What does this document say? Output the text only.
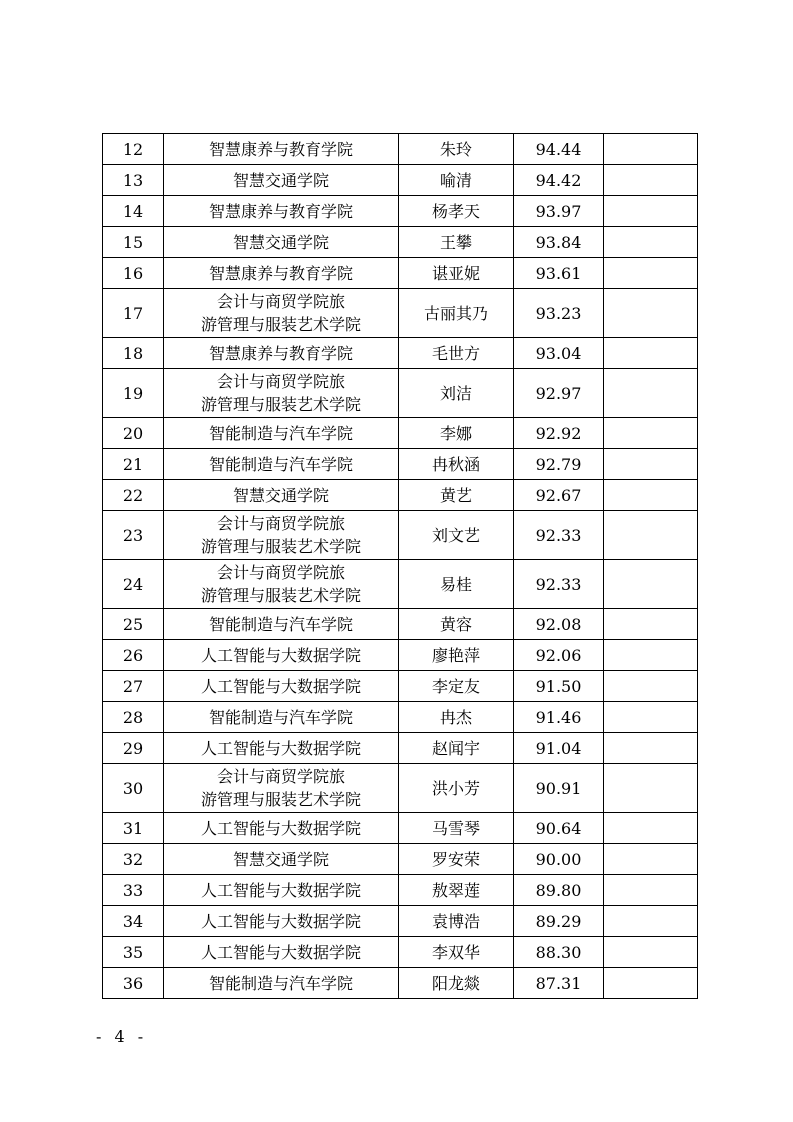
12	智慧康养与教育学院	朱玲	94.44	
13	智慧交通学院	喻清	94.42	
14	智慧康养与教育学院	杨孝天	93.97	
15	智慧交通学院	王攀	93.84	
16	智慧康养与教育学院	谌亚妮	93.61	
17	会计与商贸学院旅
游管理与服装艺术学院	古丽其乃	93.23	
18	智慧康养与教育学院	毛世方	93.04	
19	会计与商贸学院旅
游管理与服装艺术学院	刘洁	92.97	
20	智能制造与汽车学院	李娜	92.92	
21	智能制造与汽车学院	冉秋涵	92.79	
22	智慧交通学院	黄艺	92.67	
23	会计与商贸学院旅
游管理与服装艺术学院	刘文艺	92.33	
24	会计与商贸学院旅
游管理与服装艺术学院	易桂	92.33	
25	智能制造与汽车学院	黄容	92.08	
26	人工智能与大数据学院	廖艳萍	92.06	
27	人工智能与大数据学院	李定友	91.50	
28	智能制造与汽车学院	冉杰	91.46	
29	人工智能与大数据学院	赵闻宇	91.04	
30	会计与商贸学院旅
游管理与服装艺术学院	洪小芳	90.91	
31	人工智能与大数据学院	马雪琴	90.64	
32	智慧交通学院	罗安荣	90.00	
33	人工智能与大数据学院	敖翠莲	89.80	
34	人工智能与大数据学院	袁博浩	89.29	
35	人工智能与大数据学院	李双华	88.30	
36	智能制造与汽车学院	阳龙燚	87.31	
- 4 -
